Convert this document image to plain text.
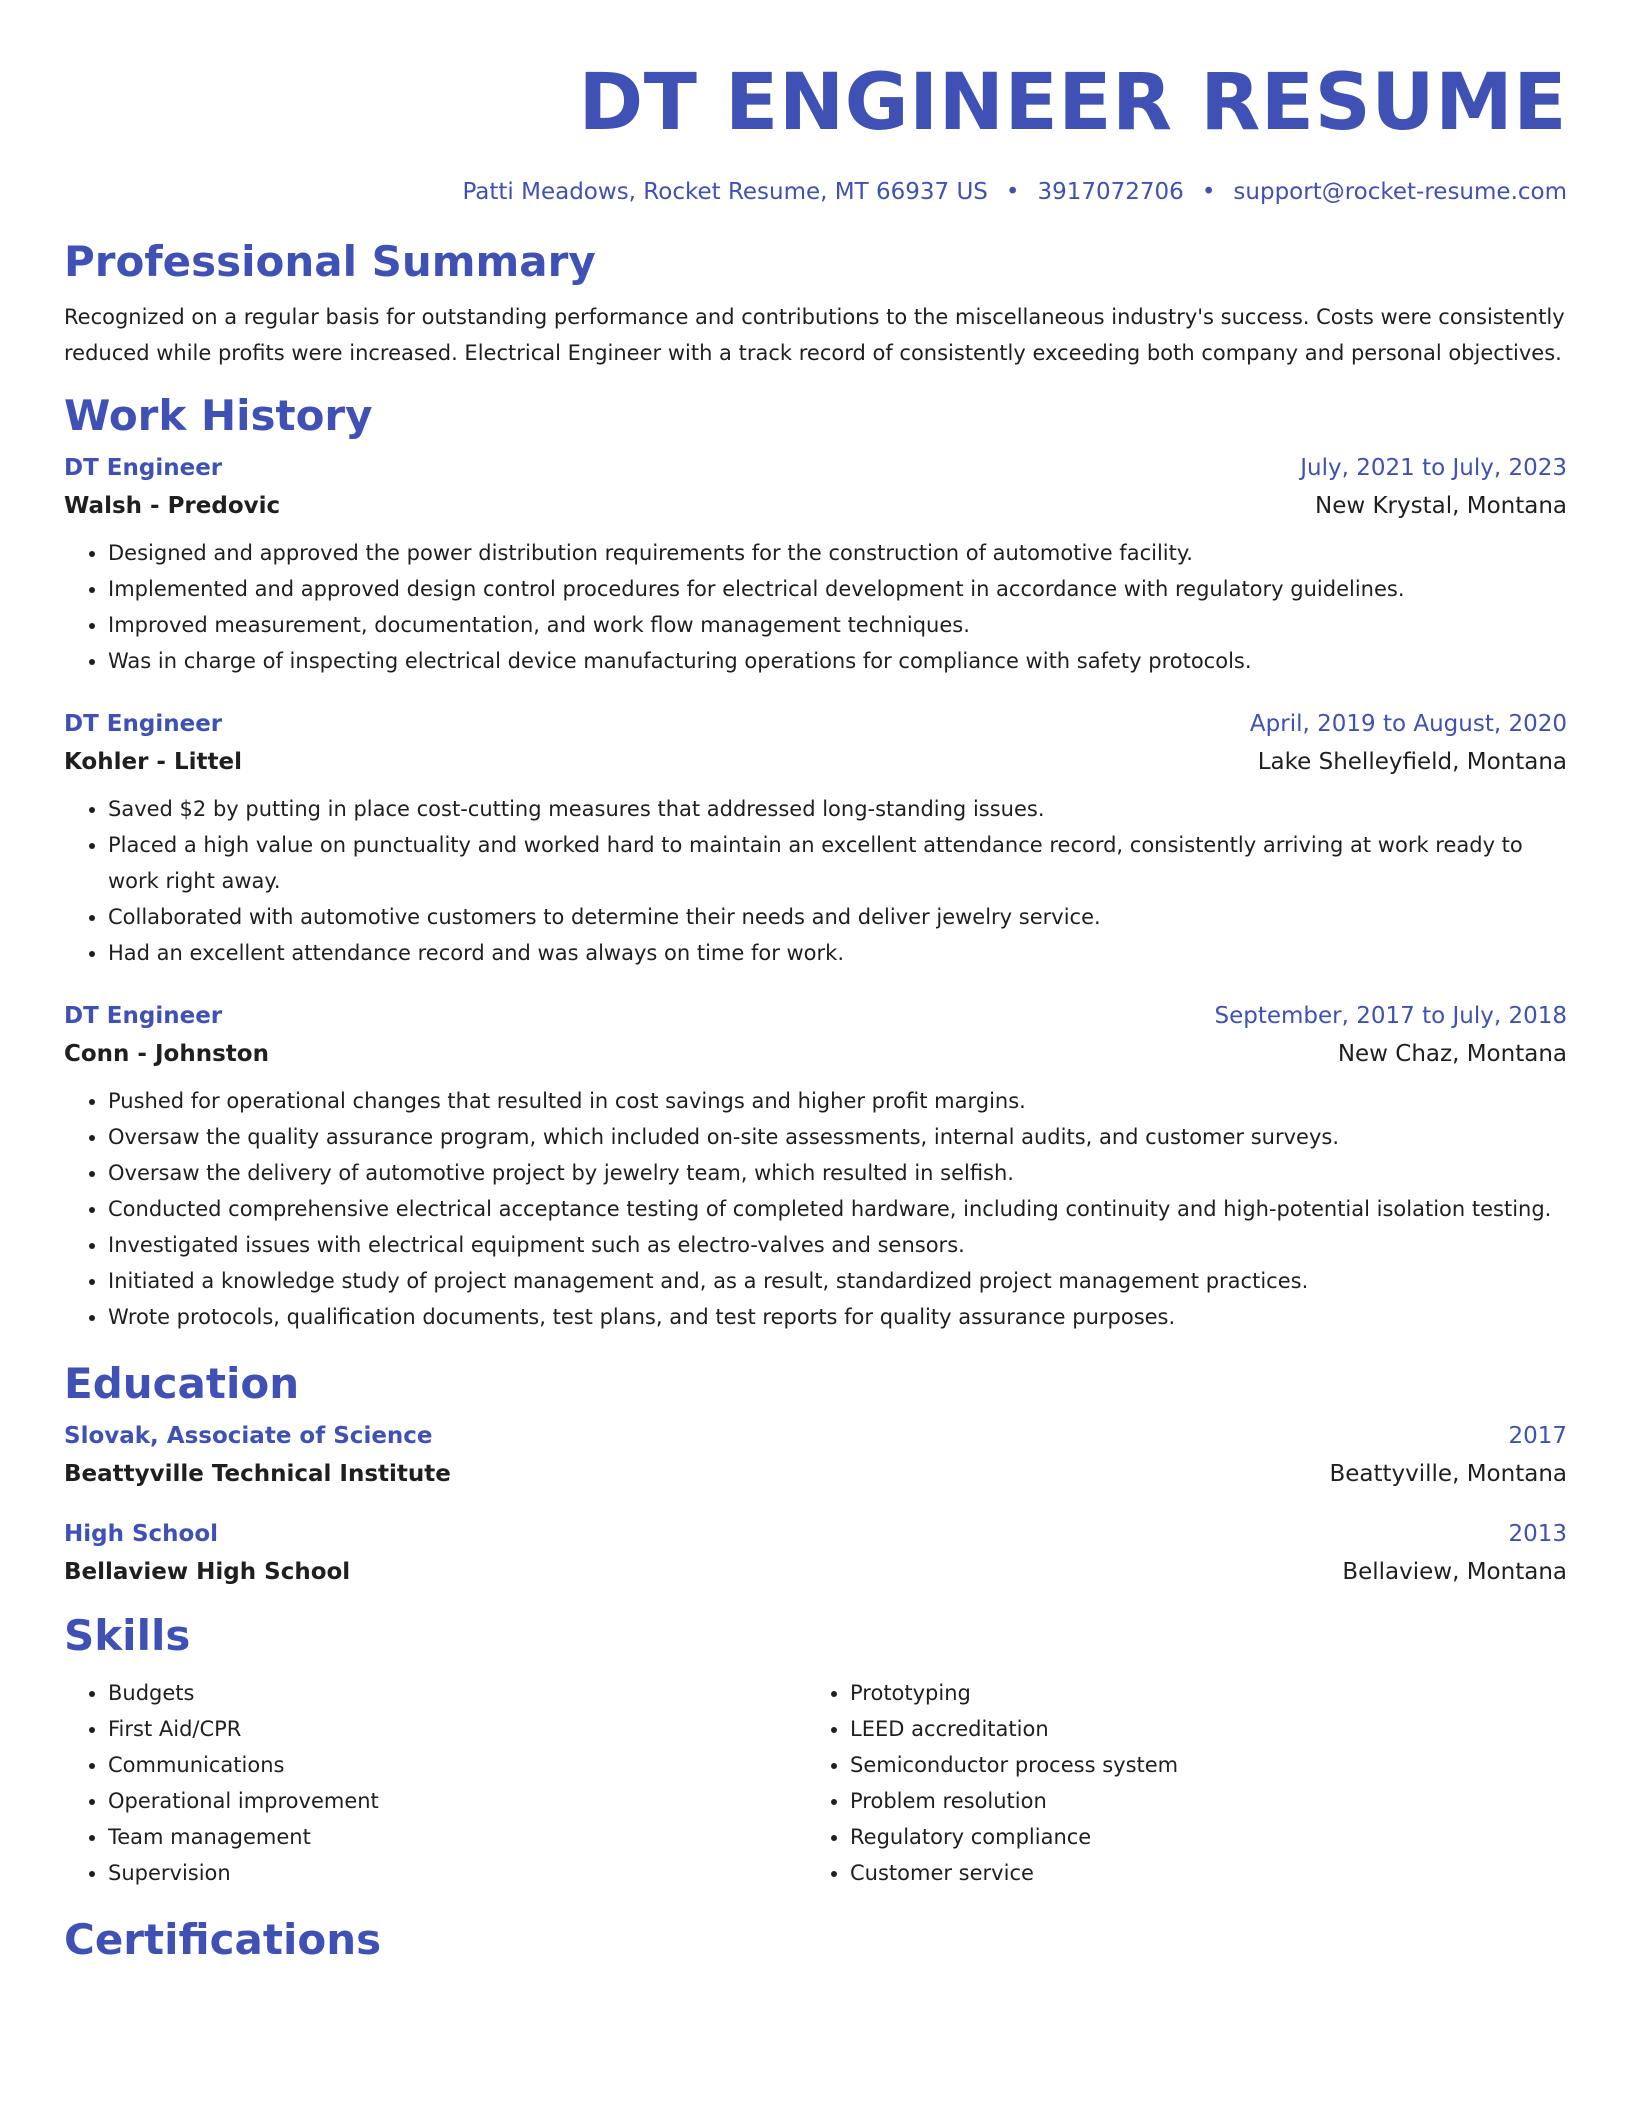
DT ENGINEER RESUME
Patti Meadows, Rocket Resume, MT 66937 US • 3917072706 • support@rocket-resume.com
Professional Summary
Recognized on a regular basis for outstanding performance and contributions to the miscellaneous industry's success. Costs were consistently reduced while profits were increased. Electrical Engineer with a track record of consistently exceeding both company and personal objectives.
Work History
DT Engineer	July, 2021 to July, 2023
Walsh - Predovic	New Krystal, Montana
• Designed and approved the power distribution requirements for the construction of automotive facility.
• Implemented and approved design control procedures for electrical development in accordance with regulatory guidelines.
• Improved measurement, documentation, and work flow management techniques.
• Was in charge of inspecting electrical device manufacturing operations for compliance with safety protocols.
DT Engineer	April, 2019 to August, 2020
Kohler - Littel	Lake Shelleyfield, Montana
• Saved $2 by putting in place cost-cutting measures that addressed long-standing issues.
• Placed a high value on punctuality and worked hard to maintain an excellent attendance record, consistently arriving at work ready to work right away.
• Collaborated with automotive customers to determine their needs and deliver jewelry service.
• Had an excellent attendance record and was always on time for work.
DT Engineer	September, 2017 to July, 2018
Conn - Johnston	New Chaz, Montana
• Pushed for operational changes that resulted in cost savings and higher profit margins.
• Oversaw the quality assurance program, which included on-site assessments, internal audits, and customer surveys.
• Oversaw the delivery of automotive project by jewelry team, which resulted in selfish.
• Conducted comprehensive electrical acceptance testing of completed hardware, including continuity and high-potential isolation testing.
• Investigated issues with electrical equipment such as electro-valves and sensors.
• Initiated a knowledge study of project management and, as a result, standardized project management practices.
• Wrote protocols, qualification documents, test plans, and test reports for quality assurance purposes.
Education
Slovak, Associate of Science	2017
Beattyville Technical Institute	Beattyville, Montana
High School	2013
Bellaview High School	Bellaview, Montana
Skills
• Budgets
• First Aid/CPR
• Communications
• Operational improvement
• Team management
• Supervision
• Prototyping
• LEED accreditation
• Semiconductor process system
• Problem resolution
• Regulatory compliance
• Customer service
Certifications
